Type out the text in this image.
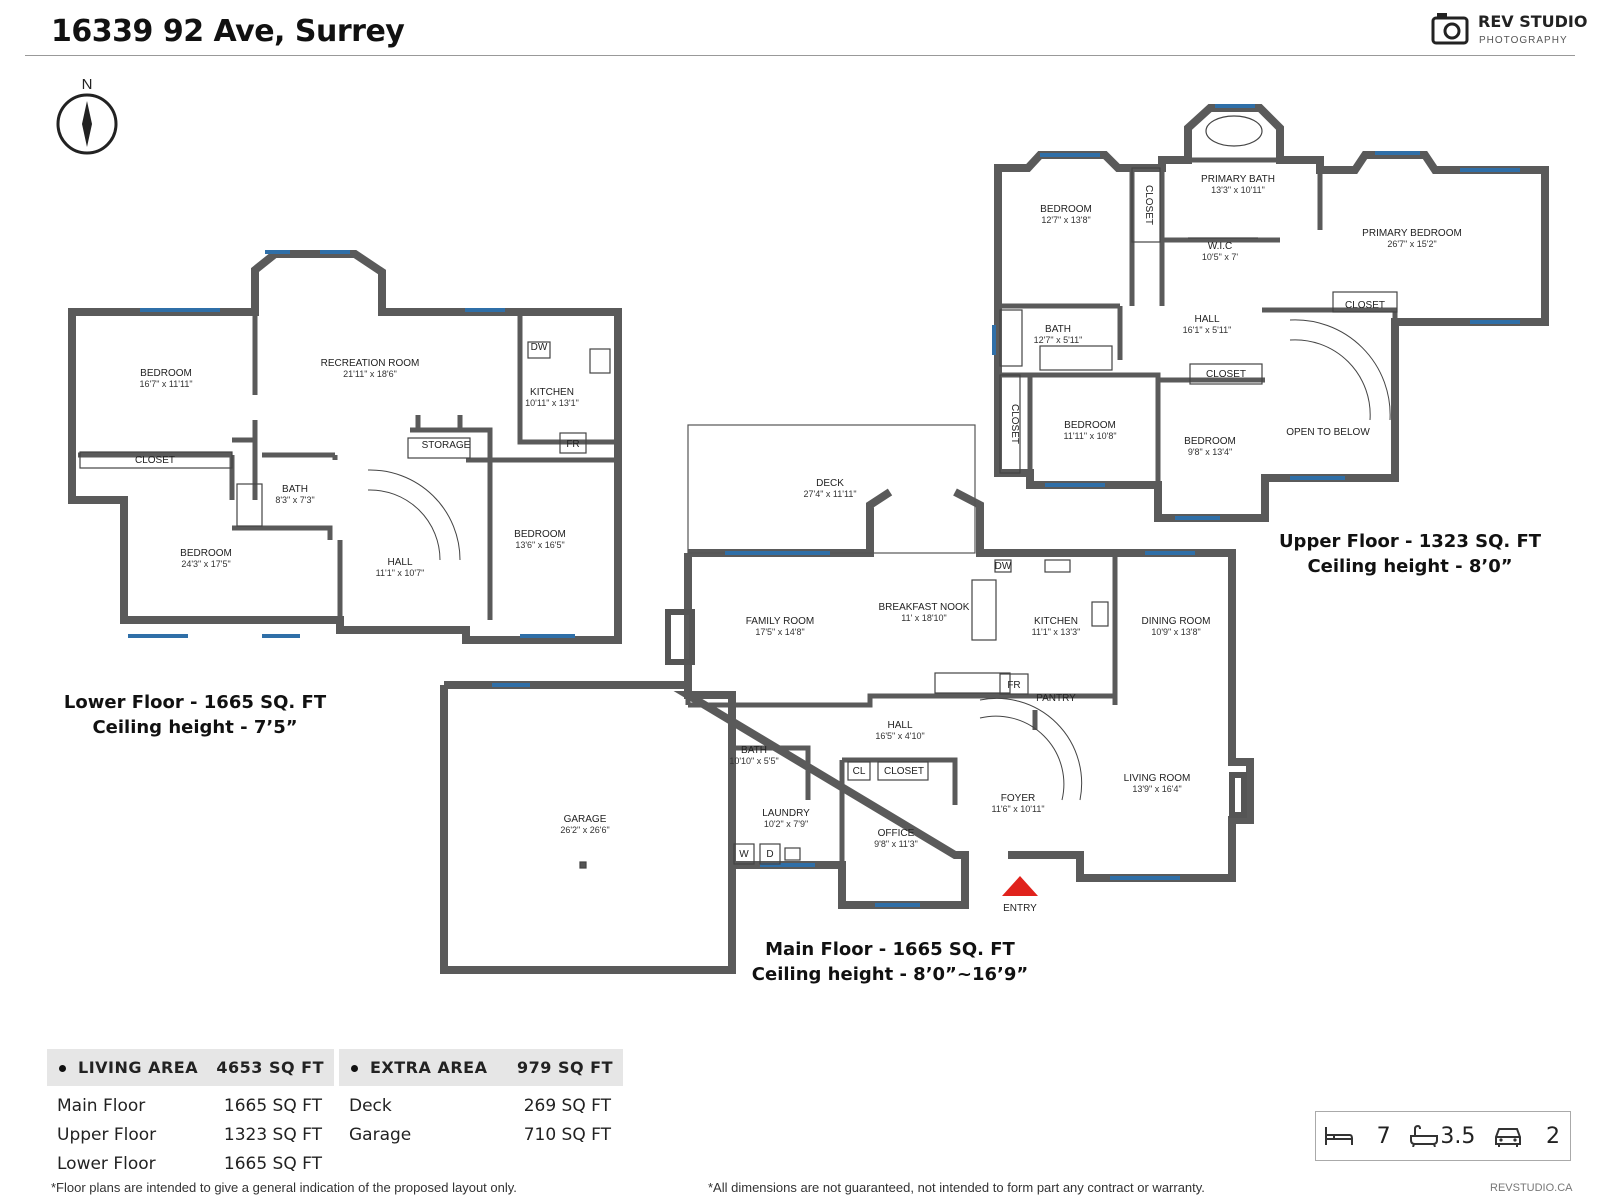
16339 92 Ave, Surrey	REV STUDIO
PHOTOGRAPHY
N
BEDROOM
16'7" x 11'11"
RECREATION ROOM
21'11" x 18'6"
KITCHEN
10'11" x 13'1"
CLOSET
STORAGE
BATH
8'3" x 7'3"
BEDROOM
24'3" x 17'5"	HALL
11'1" x 10'7"
BEDROOM
13'6" x 16'5"
DW
FR
DECK
27'4" x 11'11"
FAMILY ROOM
17'5" x 14'8"
BREAKFAST NOOK
11' x 18'10"	KITCHEN
11'1" x 13'3"
DINING ROOM
10'9" x 13'8"
GARAGE
26'2" x 26'6"
PANTRY
HALL
16'5" x 4'10"
BATH
10'10" x 5'5"
CL CLOSET
LAUNDRY
10'2" x 7'9"
OFFICE
9'8" x 11'3"
FOYER
11'6" x 10'11"
LIVING ROOM
13'9" x 16'4"
ENTRY
DW
FR
W D
BEDROOM
12'7" x 13'8"	CLOSET
PRIMARY BATH
13'3" x 10'11"
W.I.C
10'5" x 7'
PRIMARY BEDROOM
26'7" x 15'2"
CLOSET
BATH
12'7" x 5'11"
HALL
16'1" x 5'11"
CLOSET
CLOSET	BEDROOM
11'11" x 10'8"	BEDROOM
9'8" x 13'4"
OPEN TO BELOW
Lower Floor - 1665 SQ. FT
Ceiling height - 7’5”
Main Floor - 1665 SQ. FT
Ceiling height - 8’0”~16’9”
Upper Floor - 1323 SQ. FT
Ceiling height - 8’0”
LIVING AREA 4653 SQ FT
Main Floor	1665 SQ FT
Upper Floor	1323 SQ FT
Lower Floor	1665 SQ FT
EXTRA AREA 979 SQ FT
Deck	269 SQ FT
Garage	710 SQ FT	7 3.5	2
*Floor plans are intended to give a general indication of the proposed layout only.	*All dimensions are not guaranteed, not intended to form part any contract or warranty.	REVSTUDIO.CA
